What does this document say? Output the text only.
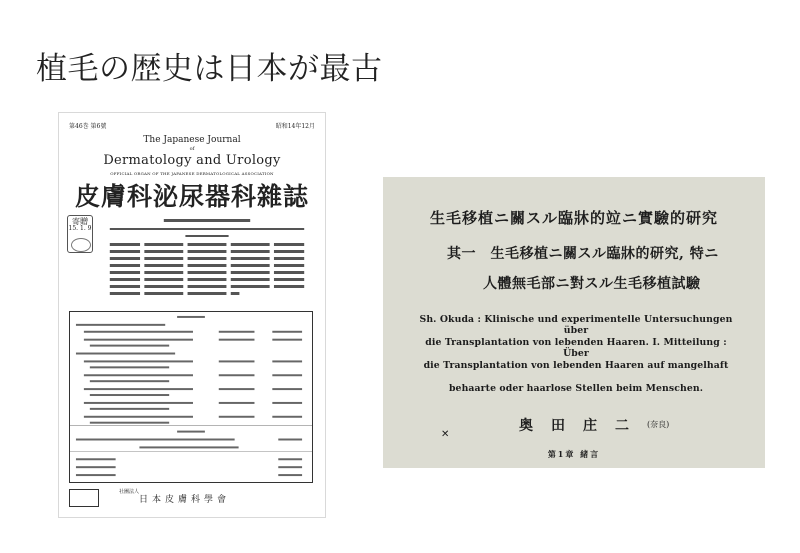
植毛の歴史は日本が最古
第46巻 第6號	昭和14年12月
The Japanese Journal
of
Dermatology and Urology
OFFICIAL ORGAN OF THE JAPANESE DERMATOLOGICAL ASSOCIATION
皮膚科泌尿器科雜誌
寄贈
15. 1. 9
社團法人
日本皮膚科學會
生毛移植ニ關スル臨牀的竝ニ實驗的研究
其一　生毛移植ニ關スル臨牀的研究, 特ニ
人體無毛部ニ對スル生毛移植試驗
Sh. Okuda : Klinische und experimentelle Untersuchungen über
die Transplantation von lebenden Haaren. I. Mitteilung : Über
die Transplantation von lebenden Haaren auf mangelhaft
behaarte oder haarlose Stellen beim Menschen.
奥田庄二 (奈良)
✕
第1章 緒言
